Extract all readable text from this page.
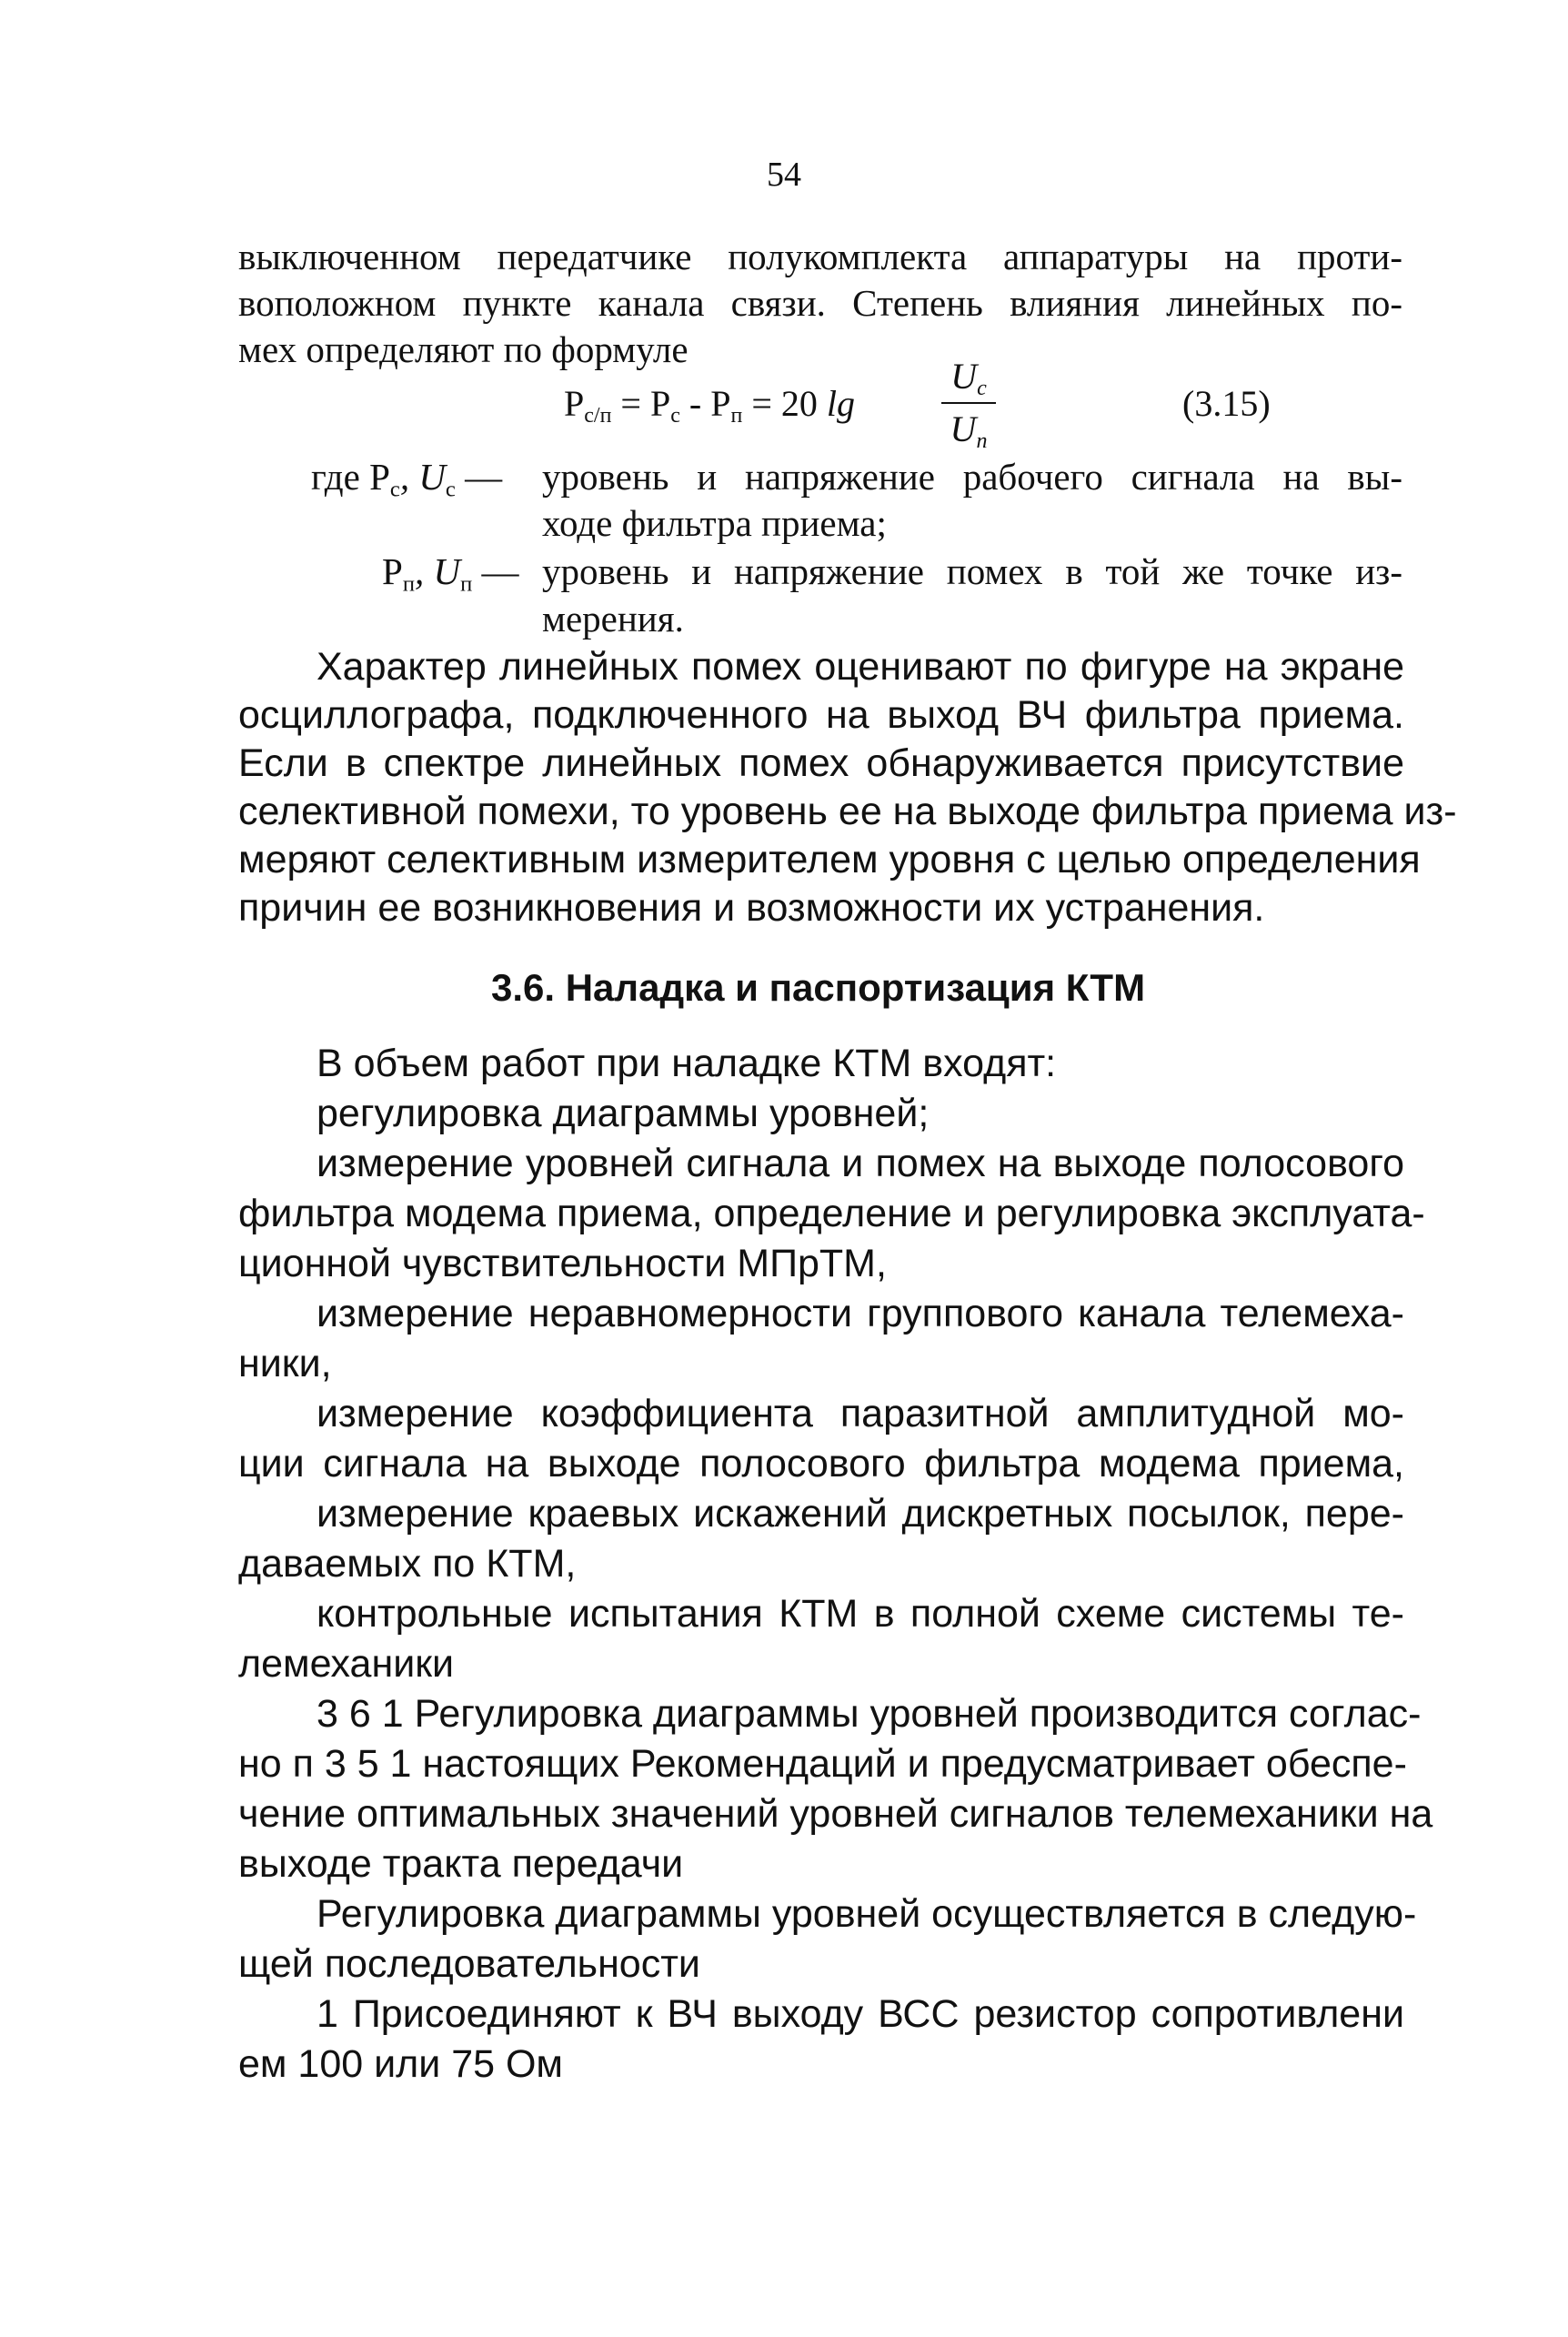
54
выключенном передатчике полукомплекта аппаратуры на проти-
воположном пункте канала связи. Степень влияния линейных по-
мех определяют по формуле
$P_{с/п} = P_с - P_п = 20$ lg
$U_c$
$U_п$
(3.15)
где $P_с$, $U_с$ — уровень и напряжение рабочего сигнала на вы-
ходе фильтра приема;
$P_п$, $U_п$ — уровень и напряжение помех в той же точке из-
мерения.
Характер линейных помех оценивают по фигуре на экране
осциллографа, подключенного на выход ВЧ фильтра приема.
Если в спектре линейных помех обнаруживается присутствие
селективной помехи, то уровень ее на выходе фильтра приема из-
меряют селективным измерителем уровня с целью определения
причин ее возникновения и возможности их устранения.
3.6. Наладка и паспортизация КТМ
В объем работ при наладке КТМ входят:
регулировка диаграммы уровней;
измерение уровней сигнала и помех на выходе полосового
фильтра модема приема, определение и регулировка эксплуата-
ционной чувствительности МПрТМ,
измерение неравномерности группового канала телемеха-
ники,
измерение коэффициента паразитной амплитудной мо-
ции сигнала на выходе полосового фильтра модема приема,
измерение краевых искажений дискретных посылок, пере-
даваемых по КТМ,
контрольные испытания КТМ в полной схеме системы те-
лемеханики
3 6 1 Регулировка диаграммы уровней производится соглас-
но п 3 5 1 настоящих Рекомендаций и предусматривает обеспе-
чение оптимальных значений уровней сигналов телемеханики на
выходе тракта передачи
Регулировка диаграммы уровней осуществляется в следую-
щей последовательности
1 Присоединяют к ВЧ выходу ВСС резистор сопротивлени
ем 100 или 75 Ом
